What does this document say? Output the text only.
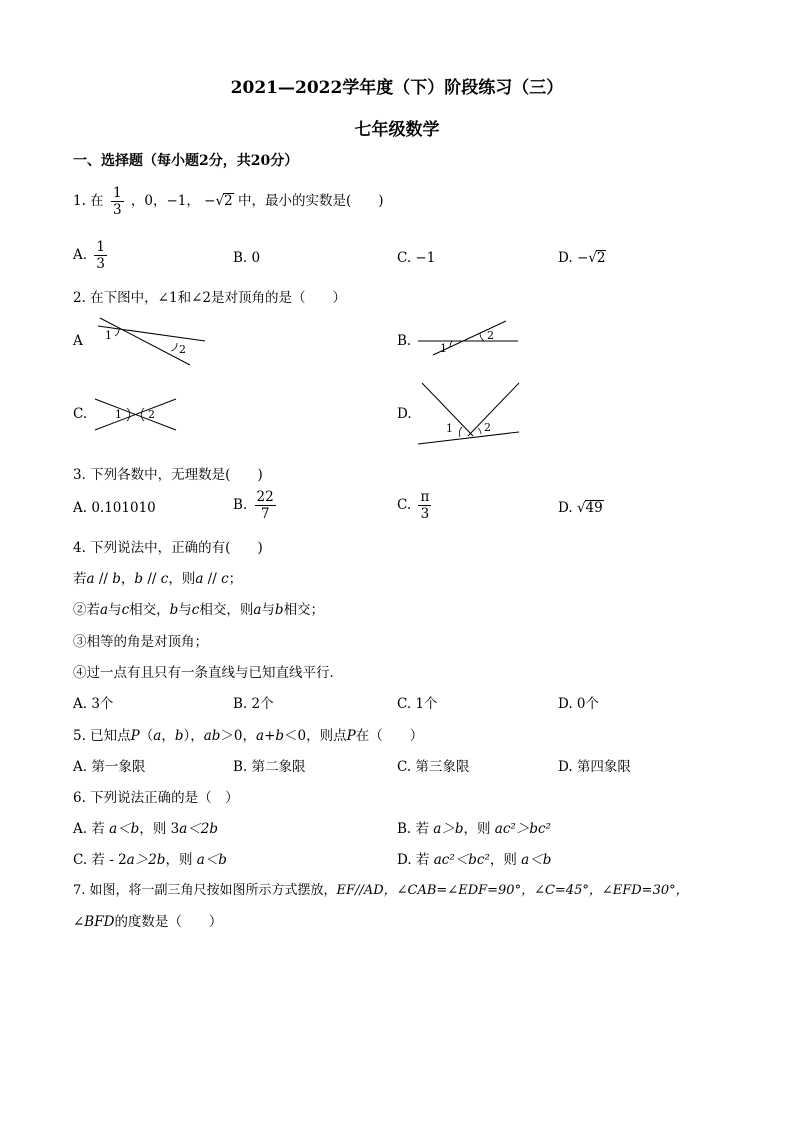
2021—2022学年度（下）阶段练习（三）
七年级数学
一、选择题（每小题2分，共20分）
1. 在 $\frac{1}{3}$ ，0，−1， −√2 中，最小的实数是(　　)
A. $\frac{1}{3}$	B. 0	C. −1	D. −√2
2. 在下图中，∠1和∠2是对顶角的是（　　）
A 1
2
B.	1
2
C.	1 2	D.
1	2
3. 下列各数中，无理数是(　　)
A. 0.101010	B. $\frac{22}{7}$	C. $\frac{\pi}{3}$	D. √49
4. 下列说法中，正确的有(　　)
若a // b，b // c，则a // c；
②若a与c相交，b与c相交，则a与b相交；
③相等的角是对顶角；
④过一点有且只有一条直线与已知直线平行．
A. 3个	B. 2个	C. 1个	D. 0个
5. 已知点P（a，b），ab＞0，a+b＜0，则点P在（　　）
A. 第一象限	B. 第二象限	C. 第三象限	D. 第四象限
6. 下列说法正确的是（　）
A. 若 a＜b，则 3a＜2b	B. 若 a＞b，则 ac²＞bc²
C. 若 - 2a＞2b，则 a＜b	D. 若 ac²＜bc²，则 a＜b
7. 如图，将一副三角尺按如图所示方式摆放，EF//AD，∠CAB=∠EDF=90°，∠C=45°，∠EFD=30°，
∠BFD的度数是（　　）
